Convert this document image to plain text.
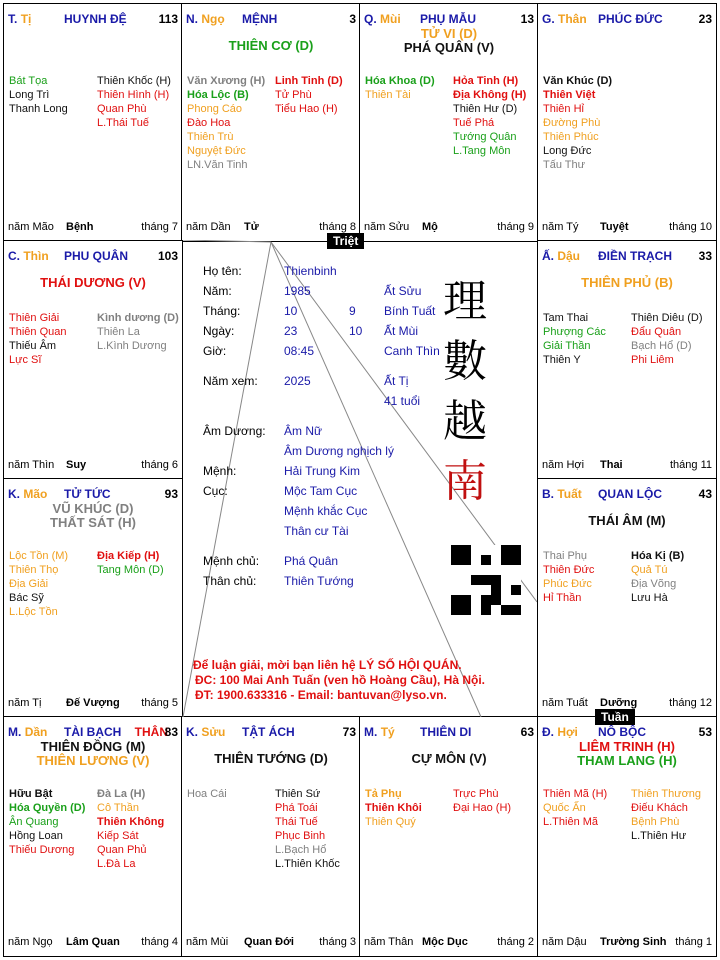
T. Tị	HUYNH ĐỆ	113
Bát Tọa
Long Trì
Thanh Long
Thiên Khốc (H)
Thiên Hình (H)
Quan Phù
L.Thái Tuế
năm Mão Bệnh	tháng 7
N. Ngọ MỆNH	3
THIÊN CƠ (D)
Văn Xương (H)
Hóa Lộc (B)
Phong Cáo
Đào Hoa
Thiên Trù
Nguyệt Đức
LN.Văn Tinh
Linh Tinh (D)
Tử Phù
Tiểu Hao (H)
năm Dần Tử	tháng 8
Q. Mùi PHỤ MẪU	13
TỬ VI (D)
PHÁ QUÂN (V)
Hóa Khoa (D)
Thiên Tài
Hỏa Tinh (H)
Địa Không (H)
Thiên Hư (D)
Tuế Phá
Tướng Quân
L.Tang Môn
năm Sửu Mộ	tháng 9
G. Thân PHÚC ĐỨC	23
Văn Khúc (D)
Thiên Việt
Thiên Hỉ
Đường Phù
Thiên Phúc
Long Đức
Tấu Thư
năm Tý Tuyệt	tháng 10
C. Thìn PHU QUÂN 103
THÁI DƯƠNG (V)
Thiên Giải
Thiên Quan
Thiếu Âm
Lực Sĩ
Kình dương (D)
Thiên La
L.Kình Dương
năm Thìn Suy	tháng 6
Ấ. Dậu ĐIỀN TRẠCH 33
THIÊN PHỦ (B)
Tam Thai
Phượng Các
Giải Thần
Thiên Y
Thiên Diêu (D)
Đẩu Quân
Bạch Hổ (D)
Phi Liêm
năm Hợi Thai	tháng 11
K. Mão TỬ TỨC	93
VŨ KHÚC (D)
THẤT SÁT (H)
Lộc Tồn (M)
Thiên Thọ
Địa Giải
Bác Sỹ
L.Lộc Tồn
Địa Kiếp (H)
Tang Môn (D)
năm Tị Đế Vượng tháng 5
B. Tuất QUAN LỘC	43
THÁI ÂM (M)
Thai Phụ
Thiên Đức
Phúc Đức
Hỉ Thần
Hóa Kị (B)
Quả Tú
Địa Võng
Lưu Hà
năm Tuất Dưỡng	tháng 12
M. Dần TÀI BẠCH THÂN
83
THIÊN ĐỒNG (M)
THIÊN LƯƠNG (V)
Hữu Bật
Hóa Quyền (D)
Ân Quang
Hồng Loan
Thiếu Dương
Đà La (H)
Cô Thần
Thiên Không
Kiếp Sát
Quan Phủ
L.Đà La
năm Ngọ Lâm Quan tháng 4
K. Sửu TẬT ÁCH	73
THIÊN TƯỚNG (D)
Hoa Cái	Thiên Sứ
Phá Toái
Thái Tuế
Phục Binh
L.Bạch Hổ
L.Thiên Khốc
năm Mùi Quan Đới tháng 3
M. Tý THIÊN DI	63
CỰ MÔN (V)
Tả Phụ
Thiên Khôi
Thiên Quý
Trực Phù
Đại Hao (H)
năm Thân Mộc Dục	tháng 2
Đ. Hợi NÔ BỘC	53
LIÊM TRINH (H)
THAM LANG (H)
Thiên Mã (H)
Quốc Ấn
L.Thiên Mã
Thiên Thương
Điếu Khách
Bệnh Phù
L.Thiên Hư
năm Dậu Trường Sinh tháng 1
Họ tên:	Thienbinh
Năm:	1985	Ất Sửu
Tháng:	10	9 Bính Tuất
Ngày:	23	10 Ất Mùi
Giờ:	08:45	Canh Thìn
Năm xem: 2025	Ất Tị
41 tuổi
Âm Dương: Âm Nữ
Âm Dương nghịch lý
Mệnh:	Hải Trung Kim
Cục:	Mộc Tam Cục
Mệnh khắc Cục
Thân cư Tài
Mệnh chủ: Phá Quân
Thân chủ: Thiên Tướng
理
數
越
南
Để luận giải, mời bạn liên hệ LÝ SỐ HỘI QUÁN.
ĐC: 100 Mai Anh Tuấn (ven hồ Hoàng Cầu), Hà Nội.
ĐT: 1900.633316 - Email: bantuvan@lyso.vn.
Triệt
Tuần
